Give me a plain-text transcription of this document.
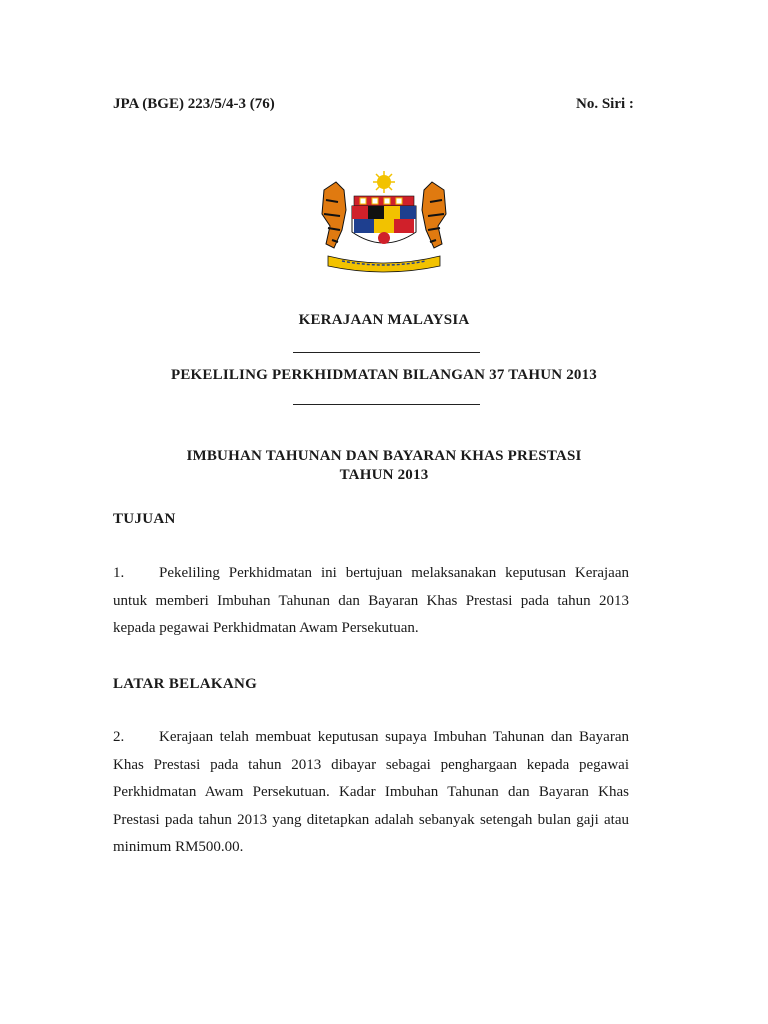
JPA (BGE) 223/5/4-3 (76)	No. Siri :
KERAJAAN MALAYSIA
PEKELILING PERKHIDMATAN BILANGAN 37 TAHUN 2013
IMBUHAN TAHUNAN DAN BAYARAN KHAS PRESTASI
TAHUN 2013
TUJUAN
1. Pekeliling Perkhidmatan ini bertujuan melaksanakan keputusan Kerajaan untuk memberi Imbuhan Tahunan dan Bayaran Khas Prestasi pada tahun 2013 kepada pegawai Perkhidmatan Awam Persekutuan.
LATAR BELAKANG
2. Kerajaan telah membuat keputusan supaya Imbuhan Tahunan dan Bayaran Khas Prestasi pada tahun 2013 dibayar sebagai penghargaan kepada pegawai Perkhidmatan Awam Persekutuan. Kadar Imbuhan Tahunan dan Bayaran Khas Prestasi pada tahun 2013 yang ditetapkan adalah sebanyak setengah bulan gaji atau minimum RM500.00.
